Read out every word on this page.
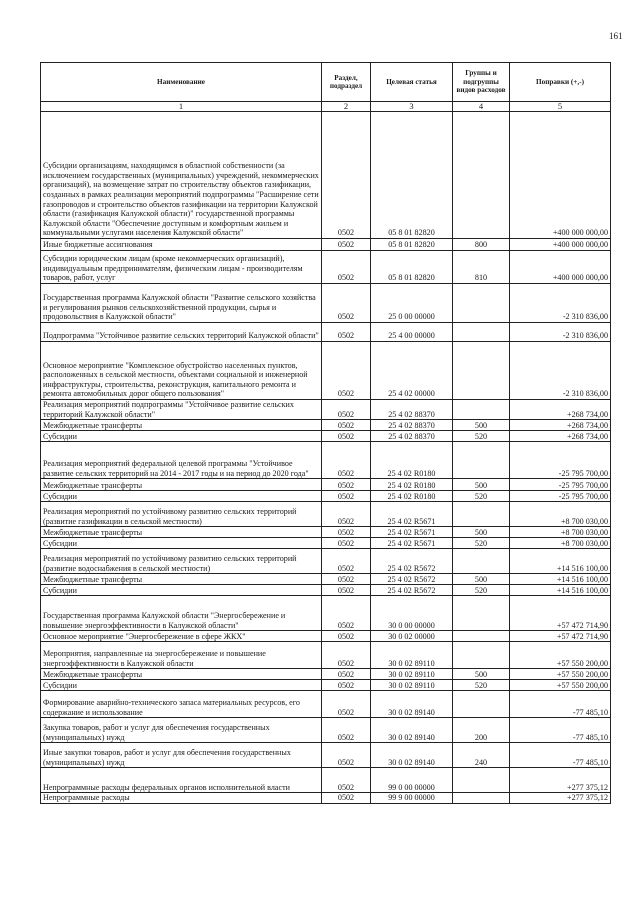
161
Наименование	Раздел, подраздел	Целевая статья	Группы и подгруппы видов расходов	Поправки (+,-)
1	2	3	4	5
Субсидии организациям, находящимся в областной собственности (за исключением государственных (муниципальных) учреждений, некоммерческих организаций), на возмещение затрат по строительству объектов газификации, созданных в рамках реализации мероприятий подпрограммы "Расширение сети газопроводов и строительство объектов газификации на территории Калужской области (газификация Калужской области)" государственной программы Калужской области "Обеспечение доступным и комфортным жильем и коммунальными услугами населения Калужской области"	0502	05 8 01 82820		+400 000 000,00
Иные бюджетные ассигнования	0502	05 8 01 82820	800	+400 000 000,00
Субсидии юридическим лицам (кроме некоммерческих организаций), индивидуальным предпринимателям, физическим лицам - производителям товаров, работ, услуг	0502	05 8 01 82820	810	+400 000 000,00
Государственная программа Калужской области "Развитие сельского хозяйства и регулирования рынков сельскохозяйственной продукции, сырья и продовольствия в Калужской области"	0502	25 0 00 00000		-2 310 836,00
Подпрограмма "Устойчивое развитие сельских территорий Калужской области"	0502	25 4 00 00000		-2 310 836,00
Основное мероприятие "Комплексное обустройство населенных пунктов, расположенных в сельской местности, объектами социальной и инженерной инфраструктуры, строительства, реконструкция, капитального ремонта и ремонта автомобильных дорог общего пользования"	0502	25 4 02 00000		-2 310 836,00
Реализация мероприятий подпрограммы "Устойчивое развитие сельских территорий Калужской области"	0502	25 4 02 88370		+268 734,00
Межбюджетные трансферты	0502	25 4 02 88370	500	+268 734,00
Субсидии	0502	25 4 02 88370	520	+268 734,00
Реализация мероприятий федеральной целевой программы "Устойчивое развитие сельских территорий на 2014 - 2017 годы и на период до 2020 года"	0502	25 4 02 R0180		-25 795 700,00
Межбюджетные трансферты	0502	25 4 02 R0180	500	-25 795 700,00
Субсидии	0502	25 4 02 R0180	520	-25 795 700,00
Реализация мероприятий по устойчивому развитию сельских территорий (развитие газификации в сельской местности)	0502	25 4 02 R5671		+8 700 030,00
Межбюджетные трансферты	0502	25 4 02 R5671	500	+8 700 030,00
Субсидии	0502	25 4 02 R5671	520	+8 700 030,00
Реализация мероприятий по устойчивому развитию сельских территорий (развитие водоснабжения в сельской местности)	0502	25 4 02 R5672		+14 516 100,00
Межбюджетные трансферты	0502	25 4 02 R5672	500	+14 516 100,00
Субсидии	0502	25 4 02 R5672	520	+14 516 100,00
Государственная программа Калужской области "Энергосбережение и повышение энергоэффективности в Калужской области"	0502	30 0 00 00000		+57 472 714,90
Основное мероприятие "Энергосбережение в сфере ЖКХ"	0502	30 0 02 00000		+57 472 714,90
Мероприятия, направленные на энергосбережение и повышение энергоэффективности в Калужской области	0502	30 0 02 89110		+57 550 200,00
Межбюджетные трансферты	0502	30 0 02 89110	500	+57 550 200,00
Субсидии	0502	30 0 02 89110	520	+57 550 200,00
Формирование аварийно-технического запаса материальных ресурсов, его содержание и использование	0502	30 0 02 89140		-77 485,10
Закупка товаров, работ и услуг для обеспечения государственных (муниципальных) нужд	0502	30 0 02 89140	200	-77 485,10
Иные закупки товаров, работ и услуг для обеспечения государственных (муниципальных) нужд	0502	30 0 02 89140	240	-77 485,10
Непрограммные расходы федеральных органов исполнительной власти	0502	99 0 00 00000		+277 375,12
Непрограммные расходы	0502	99 9 00 00000		+277 375,12
